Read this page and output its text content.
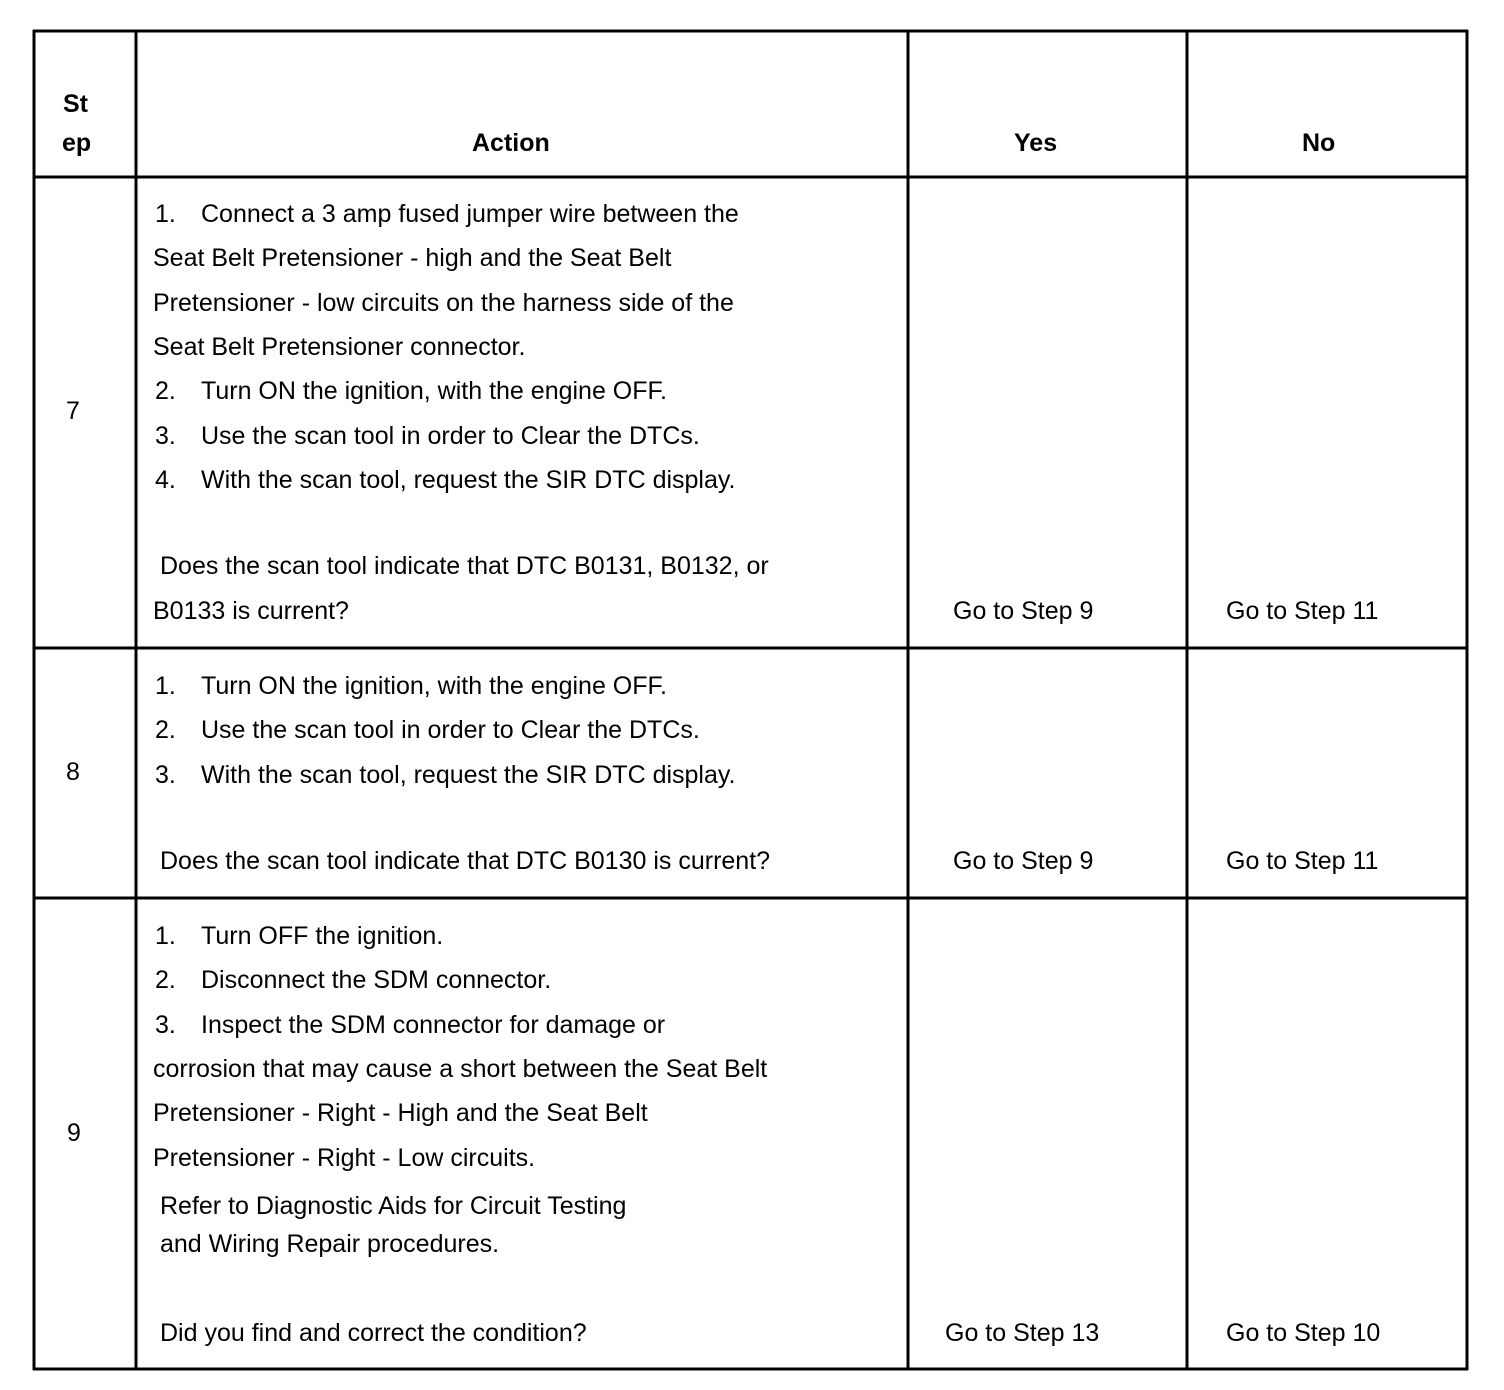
St
ep	Action	Yes	No
7
1. Connect a 3 amp fused jumper wire between the
Seat Belt Pretensioner - high and the Seat Belt
Pretensioner - low circuits on the harness side of the
Seat Belt Pretensioner connector.
2. Turn ON the ignition, with the engine OFF.
3. Use the scan tool in order to Clear the DTCs.
4. With the scan tool, request the SIR DTC display.
Does the scan tool indicate that DTC B0131, B0132, or
B0133 is current?	Go to Step 9	Go to Step 11
8
1. Turn ON the ignition, with the engine OFF.
2. Use the scan tool in order to Clear the DTCs.
3. With the scan tool, request the SIR DTC display.
Does the scan tool indicate that DTC B0130 is current?	Go to Step 9	Go to Step 11
9
1. Turn OFF the ignition.
2. Disconnect the SDM connector.
3. Inspect the SDM connector for damage or
corrosion that may cause a short between the Seat Belt
Pretensioner - Right - High and the Seat Belt
Pretensioner - Right - Low circuits.
Refer to Diagnostic Aids for Circuit Testing
and Wiring Repair procedures.
Did you find and correct the condition?	Go to Step 13	Go to Step 10
